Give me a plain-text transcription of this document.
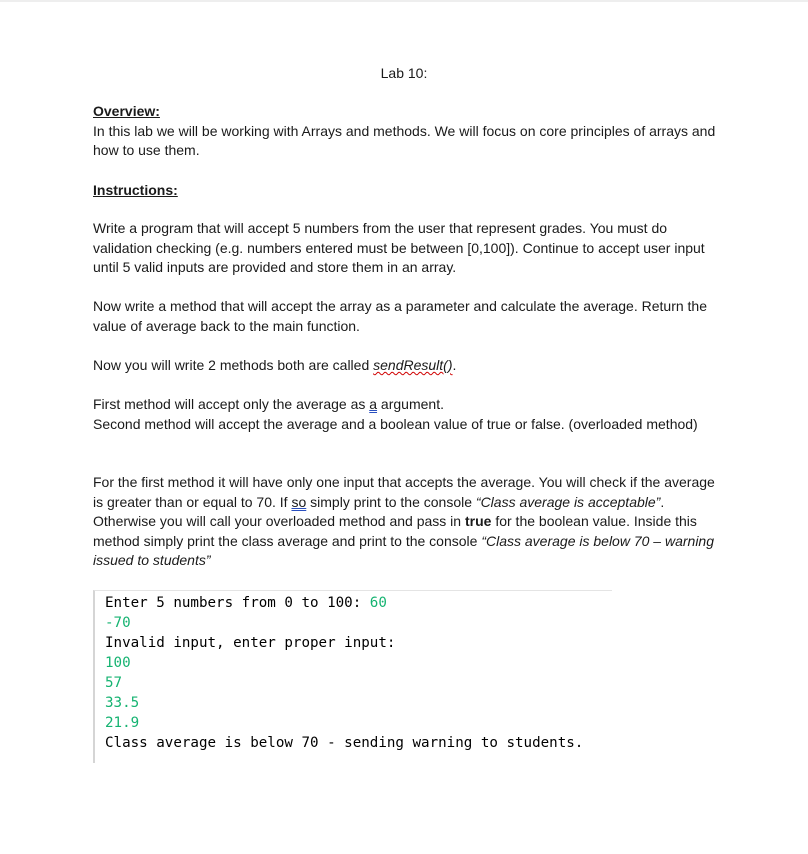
Lab 10:

Overview:

In this lab we will be working with Arrays and methods. We will focus on core principles of arrays and how to use them.

Instructions:

Write a program that will accept 5 numbers from the user that represent grades. You must do validation checking (e.g. numbers entered must be between [0,100]). Continue to accept user input until 5 valid inputs are provided and store them in an array.

Now write a method that will accept the array as a parameter and calculate the average. Return the value of average back to the main function.

Now you will write 2 methods both are called sendResult().

First method will accept only the average as a argument.

Second method will accept the average and a boolean value of true or false. (overloaded method)

For the first method it will have only one input that accepts the average. You will check if the average is greater than or equal to 70. If so simply print to the console “Class average is acceptable”. Otherwise you will call your overloaded method and pass in true for the boolean value. Inside this method simply print the class average and print to the console “Class average is below 70 – warning issued to students”

Enter 5 numbers from 0 to 100: 60
-70
Invalid input, enter proper input:
100
57
33.5
21.9
Class average is below 70 - sending warning to students.
